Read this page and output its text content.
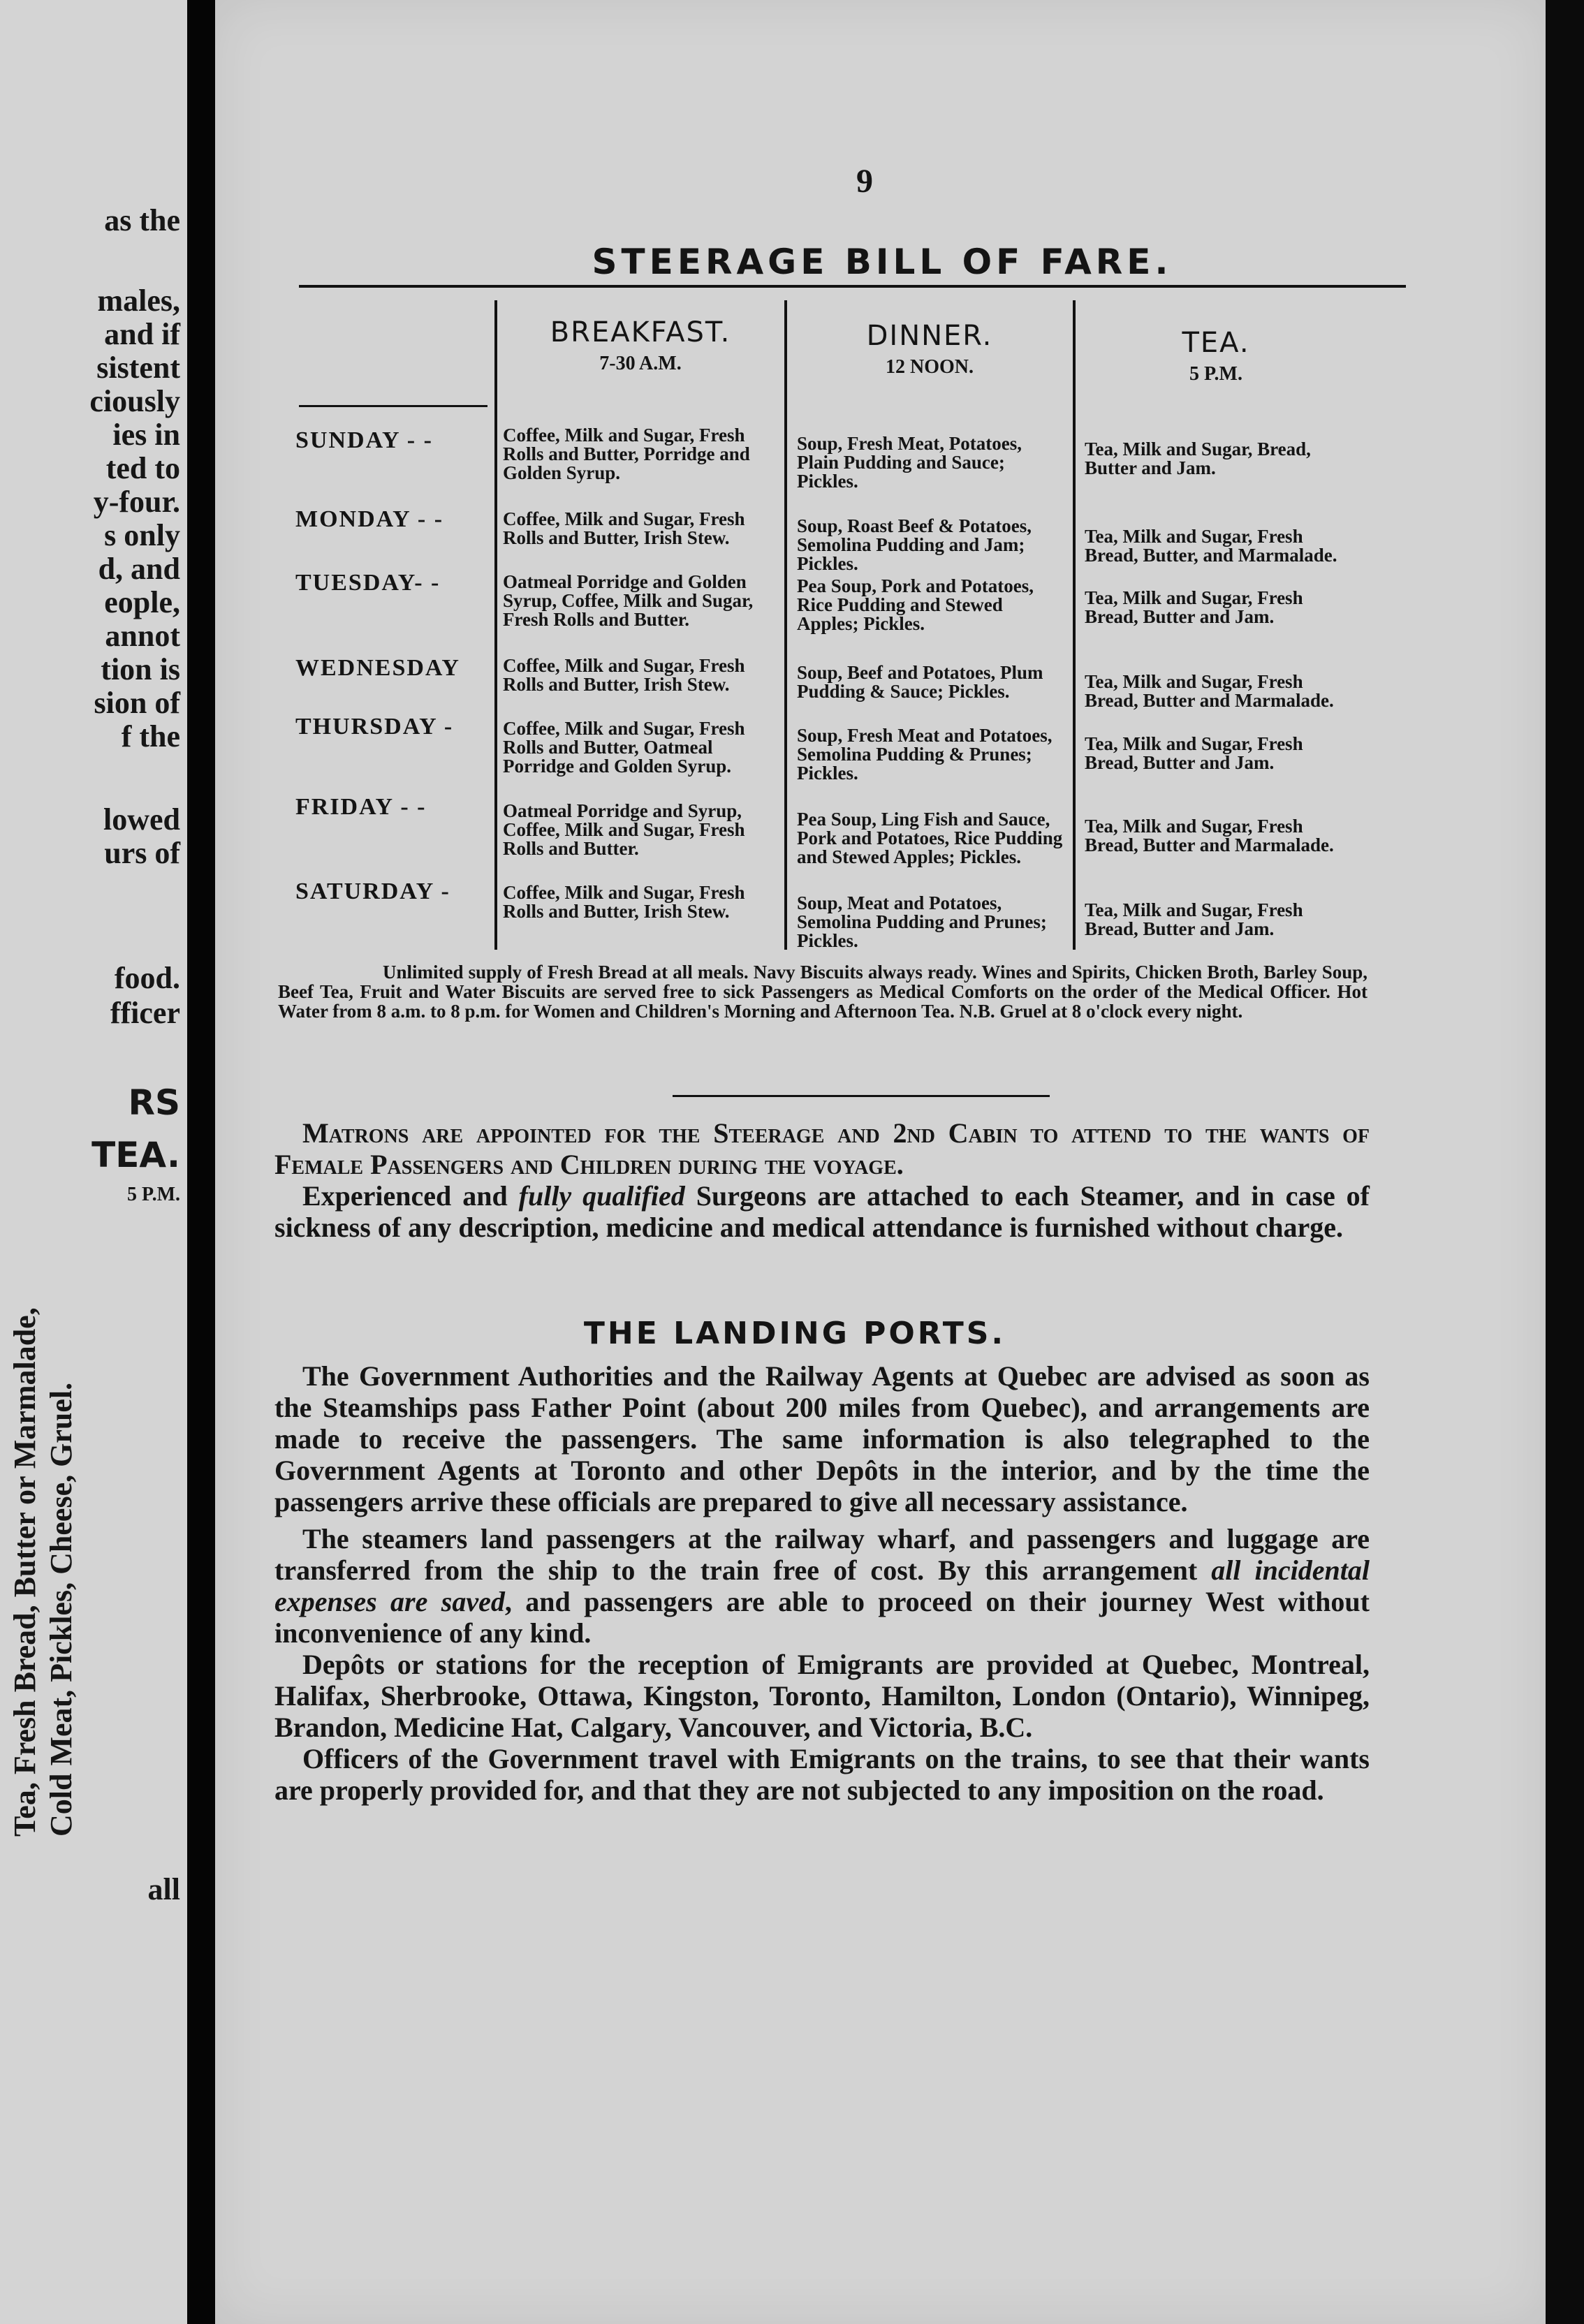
as the
males,
and if
sistent
ciously
ies in
ted to
y-four.
s only
d, and
eople,
annot
tion is
sion of
f the
lowed
urs of
food.
fficer
all
RS
TEA.
5 P.M.
Tea, Fresh Bread, Butter or Marmalade, Cold Meat, Pickles, Cheese, Gruel.
9
STEERAGE BILL OF FARE.
BREAKFAST.
7-30 A.M.
DINNER.
12 NOON.
TEA.
5 P.M.
SUNDAY - -
MONDAY - -
TUESDAY- -
WEDNESDAY
THURSDAY -
FRIDAY - -
SATURDAY -
Coffee, Milk and Sugar, Fresh Rolls and Butter, Porridge and Golden Syrup.
Coffee, Milk and Sugar, Fresh Rolls and Butter, Irish Stew.
Oatmeal Porridge and Golden Syrup, Coffee, Milk and Sugar, Fresh Rolls and Butter.
Coffee, Milk and Sugar, Fresh Rolls and Butter, Irish Stew.
Coffee, Milk and Sugar, Fresh Rolls and Butter, Oatmeal Porridge and Golden Syrup.
Oatmeal Porridge and Syrup, Coffee, Milk and Sugar, Fresh Rolls and Butter.
Coffee, Milk and Sugar, Fresh Rolls and Butter, Irish Stew.
Soup, Fresh Meat, Potatoes, Plain Pudding and Sauce; Pickles.
Soup, Roast Beef & Potatoes, Semolina Pudding and Jam; Pickles.
Pea Soup, Pork and Potatoes, Rice Pudding and Stewed Apples; Pickles.
Soup, Beef and Potatoes, Plum Pudding & Sauce; Pickles.
Soup, Fresh Meat and Potatoes, Semolina Pudding & Prunes; Pickles.
Pea Soup, Ling Fish and Sauce, Pork and Potatoes, Rice Pudding and Stewed Apples; Pickles.
Soup, Meat and Potatoes, Semolina Pudding and Prunes; Pickles.
Tea, Milk and Sugar, Bread, Butter and Jam.
Tea, Milk and Sugar, Fresh Bread, Butter, and Marmalade.
Tea, Milk and Sugar, Fresh Bread, Butter and Jam.
Tea, Milk and Sugar, Fresh Bread, Butter and Marmalade.
Tea, Milk and Sugar, Fresh Bread, Butter and Jam.
Tea, Milk and Sugar, Fresh Bread, Butter and Marmalade.
Tea, Milk and Sugar, Fresh Bread, Butter and Jam.
Unlimited supply of Fresh Bread at all meals. Navy Biscuits always ready. Wines and Spirits, Chicken Broth, Barley Soup, Beef Tea, Fruit and Water Biscuits are served free to sick Passengers as Medical Comforts on the order of the Medical Officer. Hot Water from 8 a.m. to 8 p.m. for Women and Children's Morning and Afternoon Tea. N.B. Gruel at 8 o'clock every night.

Matrons are appointed for the Steerage and 2nd Cabin to attend to the wants of Female Passengers and Children during the voyage.

Experienced and fully qualified Surgeons are attached to each Steamer, and in case of sickness of any description, medicine and medical attendance is furnished without charge.

THE LANDING PORTS.

The Government Authorities and the Railway Agents at Quebec are advised as soon as the Steamships pass Father Point (about 200 miles from Quebec), and arrangements are made to receive the passengers. The same information is also telegraphed to the Government Agents at Toronto and other Depôts in the interior, and by the time the passengers arrive these officials are prepared to give all necessary assistance.

The steamers land passengers at the railway wharf, and passengers and luggage are transferred from the ship to the train free of cost. By this arrangement all incidental expenses are saved, and passengers are able to proceed on their journey West without inconvenience of any kind.

Depôts or stations for the reception of Emigrants are provided at Quebec, Montreal, Halifax, Sherbrooke, Ottawa, Kingston, Toronto, Hamilton, London (Ontario), Winnipeg, Brandon, Medicine Hat, Calgary, Vancouver, and Victoria, B.C.

Officers of the Government travel with Emigrants on the trains, to see that their wants are properly provided for, and that they are not subjected to any imposition on the road.
